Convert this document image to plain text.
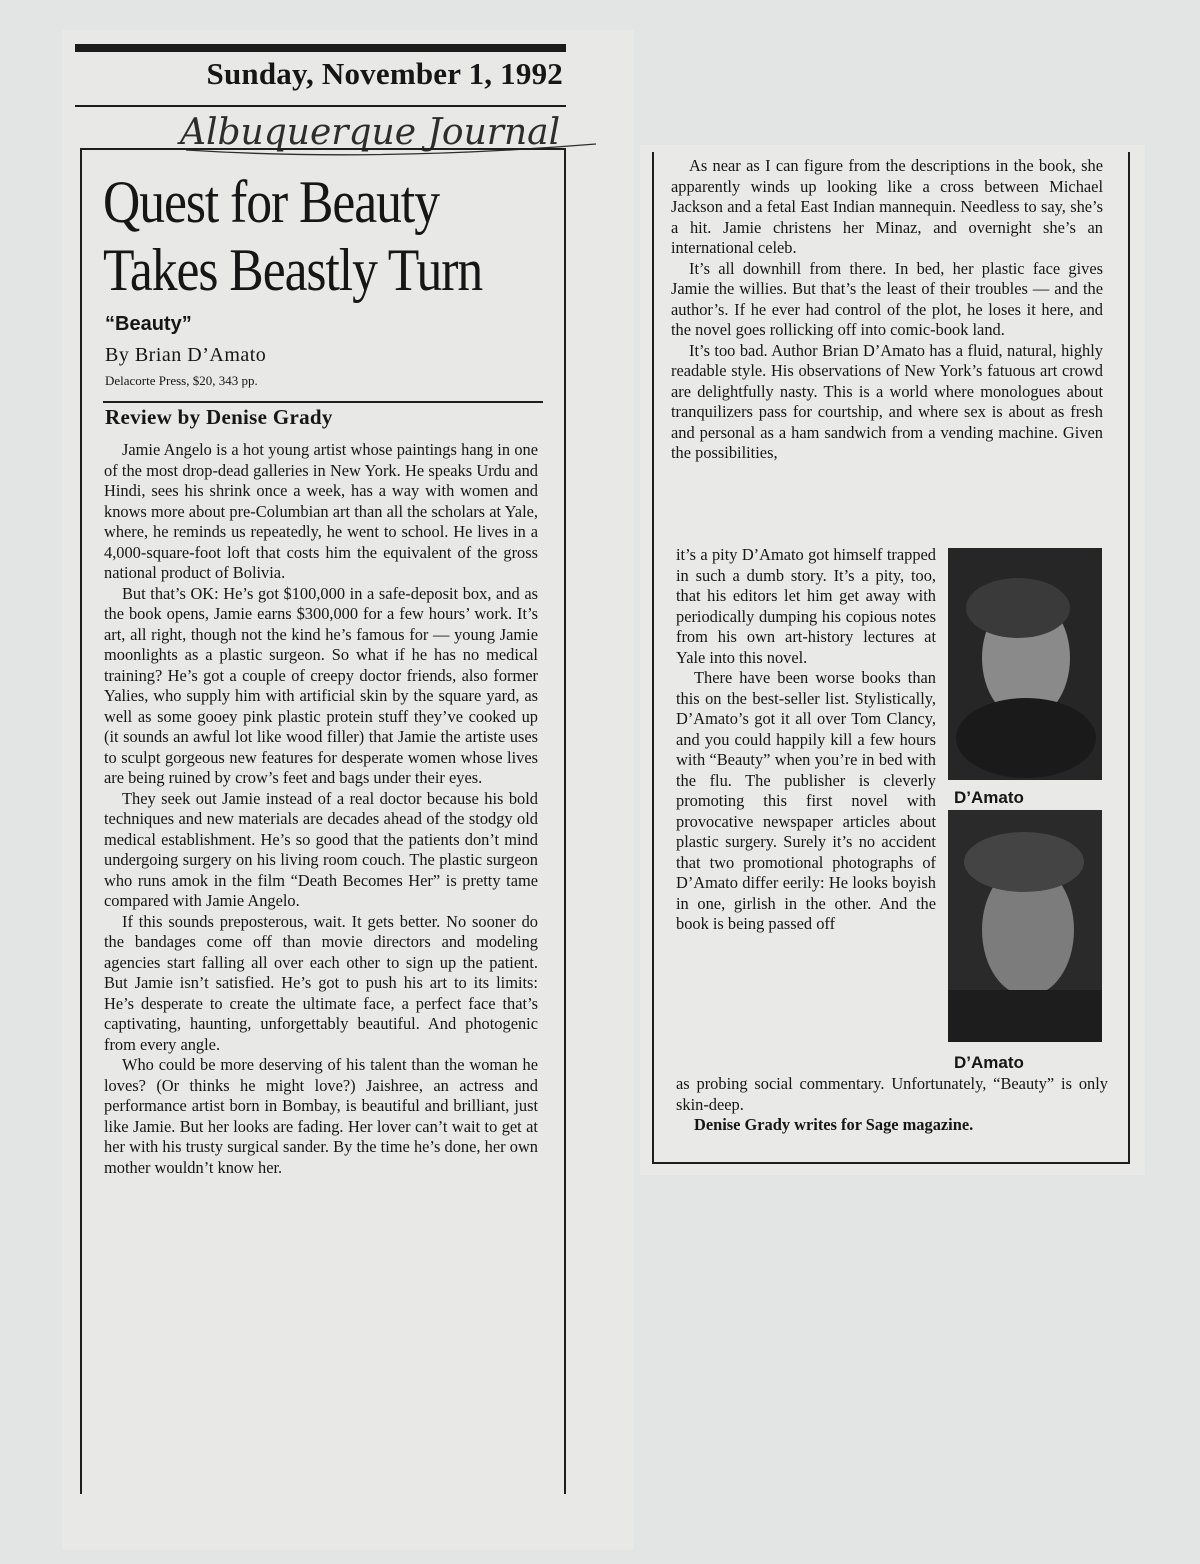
Sunday, November 1, 1992
Albuquerque Journal
Quest for Beauty
Takes Beastly Turn
“Beauty”
By Brian D’Amato
Delacorte Press, $20, 343 pp.
Review by Denise Grady

Jamie Angelo is a hot young artist whose paintings hang in one of the most drop-dead galleries in New York. He speaks Urdu and Hindi, sees his shrink once a week, has a way with women and knows more about pre-Columbian art than all the scholars at Yale, where, he reminds us repeatedly, he went to school. He lives in a 4,000-square-foot loft that costs him the equivalent of the gross national product of Bolivia.

But that’s OK: He’s got $100,000 in a safe-deposit box, and as the book opens, Jamie earns $300,000 for a few hours’ work. It’s art, all right, though not the kind he’s famous for — young Jamie moonlights as a plastic surgeon. So what if he has no medical training? He’s got a couple of creepy doctor friends, also former Yalies, who supply him with artificial skin by the square yard, as well as some gooey pink plastic protein stuff they’ve cooked up (it sounds an awful lot like wood filler) that Jamie the artiste uses to sculpt gorgeous new features for desperate women whose lives are being ruined by crow’s feet and bags under their eyes.

They seek out Jamie instead of a real doctor because his bold techniques and new materials are decades ahead of the stodgy old medical establishment. He’s so good that the patients don’t mind undergoing surgery on his living room couch. The plastic surgeon who runs amok in the film “Death Becomes Her” is pretty tame compared with Jamie Angelo.

If this sounds preposterous, wait. It gets better. No sooner do the bandages come off than movie directors and modeling agencies start falling all over each other to sign up the patient. But Jamie isn’t satisfied. He’s got to push his art to its limits: He’s desperate to create the ultimate face, a perfect face that’s captivating, haunting, unforgettably beautiful. And photogenic from every angle.

Who could be more deserving of his talent than the woman he loves? (Or thinks he might love?) Jaishree, an actress and performance artist born in Bombay, is beautiful and brilliant, just like Jamie. But her looks are fading. Her lover can’t wait to get at her with his trusty surgical sander. By the time he’s done, her own mother wouldn’t know her.

As near as I can figure from the descriptions in the book, she apparently winds up looking like a cross between Michael Jackson and a fetal East Indian mannequin. Needless to say, she’s a hit. Jamie christens her Minaz, and overnight she’s an international celeb.

It’s all downhill from there. In bed, her plastic face gives Jamie the willies. But that’s the least of their troubles — and the author’s. If he ever had control of the plot, he loses it here, and the novel goes rollicking off into comic-book land.

It’s too bad. Author Brian D’Amato has a fluid, natural, highly readable style. His observations of New York’s fatuous art crowd are delightfully nasty. This is a world where monologues about tranquilizers pass for courtship, and where sex is about as fresh and personal as a ham sandwich from a vending machine. Given the possibilities,

it’s a pity D’Amato got himself trapped in such a dumb story. It’s a pity, too, that his editors let him get away with periodically dumping his copious notes from his own art-history lectures at Yale into this novel.

There have been worse books than this on the best-seller list. Stylistically, D’Amato’s got it all over Tom Clancy, and you could happily kill a few hours with “Beauty” when you’re in bed with the flu. The publisher is cleverly promoting this first novel with provocative newspaper articles about plastic surgery. Surely it’s no accident that two promotional photographs of D’Amato differ eerily: He looks boyish in one, girlish in the other. And the book is being passed off

D’Amato
D’Amato

as probing social commentary. Unfortunately, “Beauty” is only skin-deep.

Denise Grady writes for Sage magazine.
